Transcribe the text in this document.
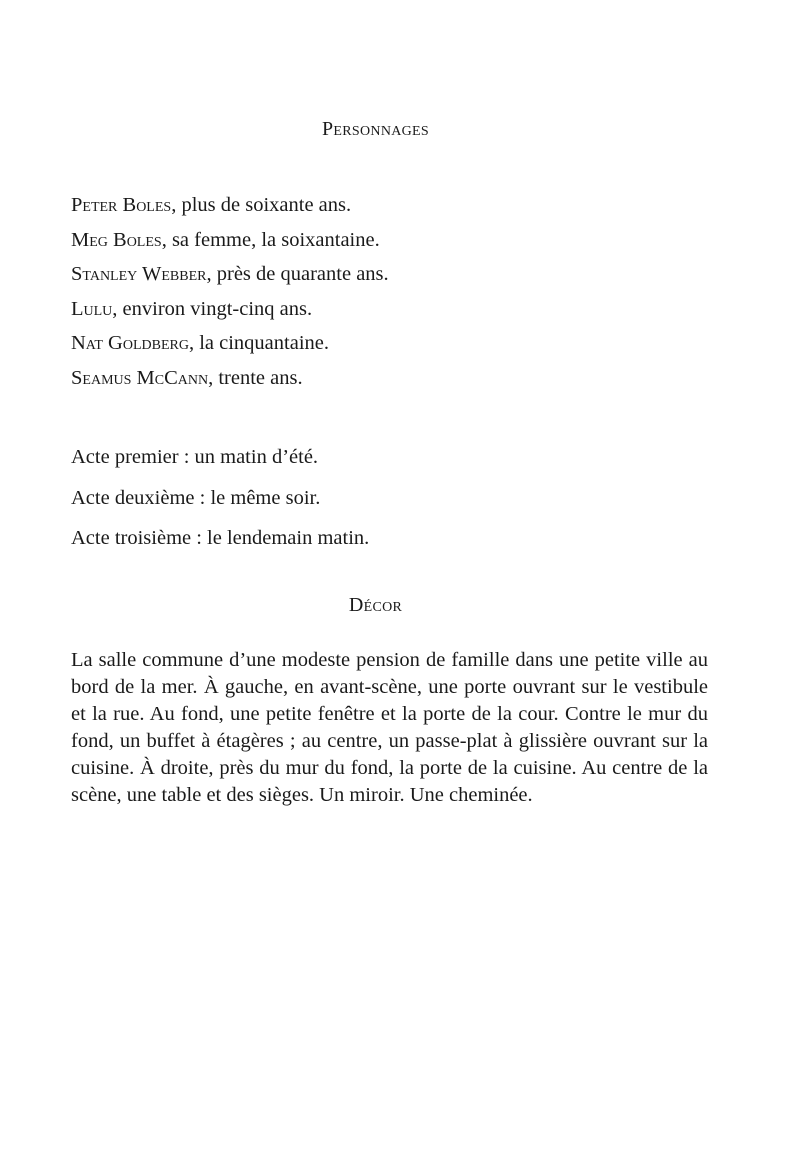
Personnages
Peter Boles, plus de soixante ans.
Meg Boles, sa femme, la soixantaine.
Stanley Webber, près de quarante ans.
Lulu, environ vingt-cinq ans.
Nat Goldberg, la cinquantaine.
Seamus McCann, trente ans.
Acte premier : un matin d’été.
Acte deuxième : le même soir.
Acte troisième : le lendemain matin.
Décor

La salle commune d’une modeste pension de famille dans une petite ville au bord de la mer. À gauche, en avant-scène, une porte ouvrant sur le vestibule et la rue. Au fond, une petite fenêtre et la porte de la cour. Contre le mur du fond, un buffet à étagères ; au centre, un passe-plat à glissière ouvrant sur la cuisine. À droite, près du mur du fond, la porte de la cuisine. Au centre de la scène, une table et des sièges. Un miroir. Une cheminée.
